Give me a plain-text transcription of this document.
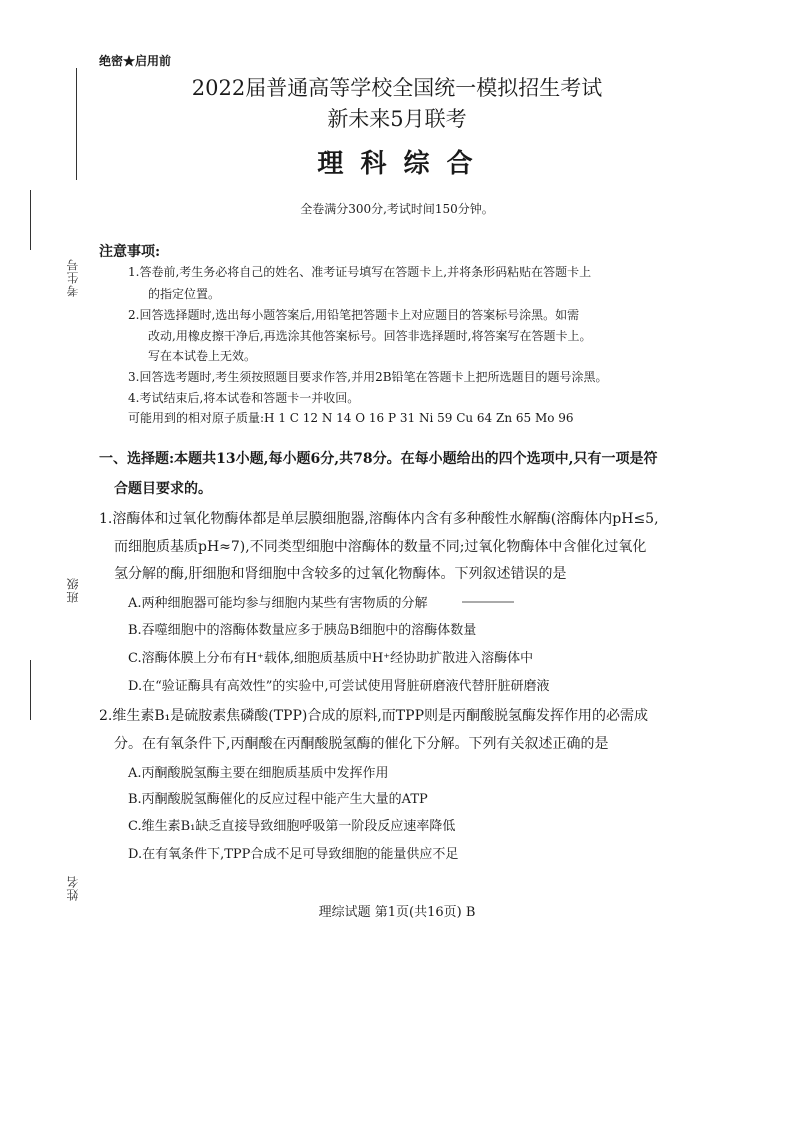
考生号
班级
姓名
绝密★启用前
2022届普通高等学校全国统一模拟招生考试
新未来5月联考
理 科 综 合
全卷满分300分,考试时间150分钟。
注意事项:
1.答卷前,考生务必将自己的姓名、准考证号填写在答题卡上,并将条形码粘贴在答题卡上
的指定位置。
2.回答选择题时,选出每小题答案后,用铅笔把答题卡上对应题目的答案标号涂黑。如需
改动,用橡皮擦干净后,再选涂其他答案标号。回答非选择题时,将答案写在答题卡上。
写在本试卷上无效。
3.回答选考题时,考生须按照题目要求作答,并用2B铅笔在答题卡上把所选题目的题号涂黑。
4.考试结束后,将本试卷和答题卡一并收回。
可能用到的相对原子质量:H 1 C 12 N 14 O 16 P 31 Ni 59 Cu 64 Zn 65 Mo 96
一、选择题:本题共13小题,每小题6分,共78分。在每小题给出的四个选项中,只有一项是符
合题目要求的。
1.溶酶体和过氧化物酶体都是单层膜细胞器,溶酶体内含有多种酸性水解酶(溶酶体内pH≤5,
而细胞质基质pH≈7),不同类型细胞中溶酶体的数量不同;过氧化物酶体中含催化过氧化
氢分解的酶,肝细胞和肾细胞中含较多的过氧化物酶体。下列叙述错误的是
A.两种细胞器可能均参与细胞内某些有害物质的分解
B.吞噬细胞中的溶酶体数量应多于胰岛B细胞中的溶酶体数量
C.溶酶体膜上分布有H⁺载体,细胞质基质中H⁺经协助扩散进入溶酶体中
D.在“验证酶具有高效性”的实验中,可尝试使用肾脏研磨液代替肝脏研磨液
2.维生素B₁是硫胺素焦磷酸(TPP)合成的原料,而TPP则是丙酮酸脱氢酶发挥作用的必需成
分。在有氧条件下,丙酮酸在丙酮酸脱氢酶的催化下分解。下列有关叙述正确的是
A.丙酮酸脱氢酶主要在细胞质基质中发挥作用
B.丙酮酸脱氢酶催化的反应过程中能产生大量的ATP
C.维生素B₁缺乏直接导致细胞呼吸第一阶段反应速率降低
D.在有氧条件下,TPP合成不足可导致细胞的能量供应不足
理综试题 第1页(共16页) B
